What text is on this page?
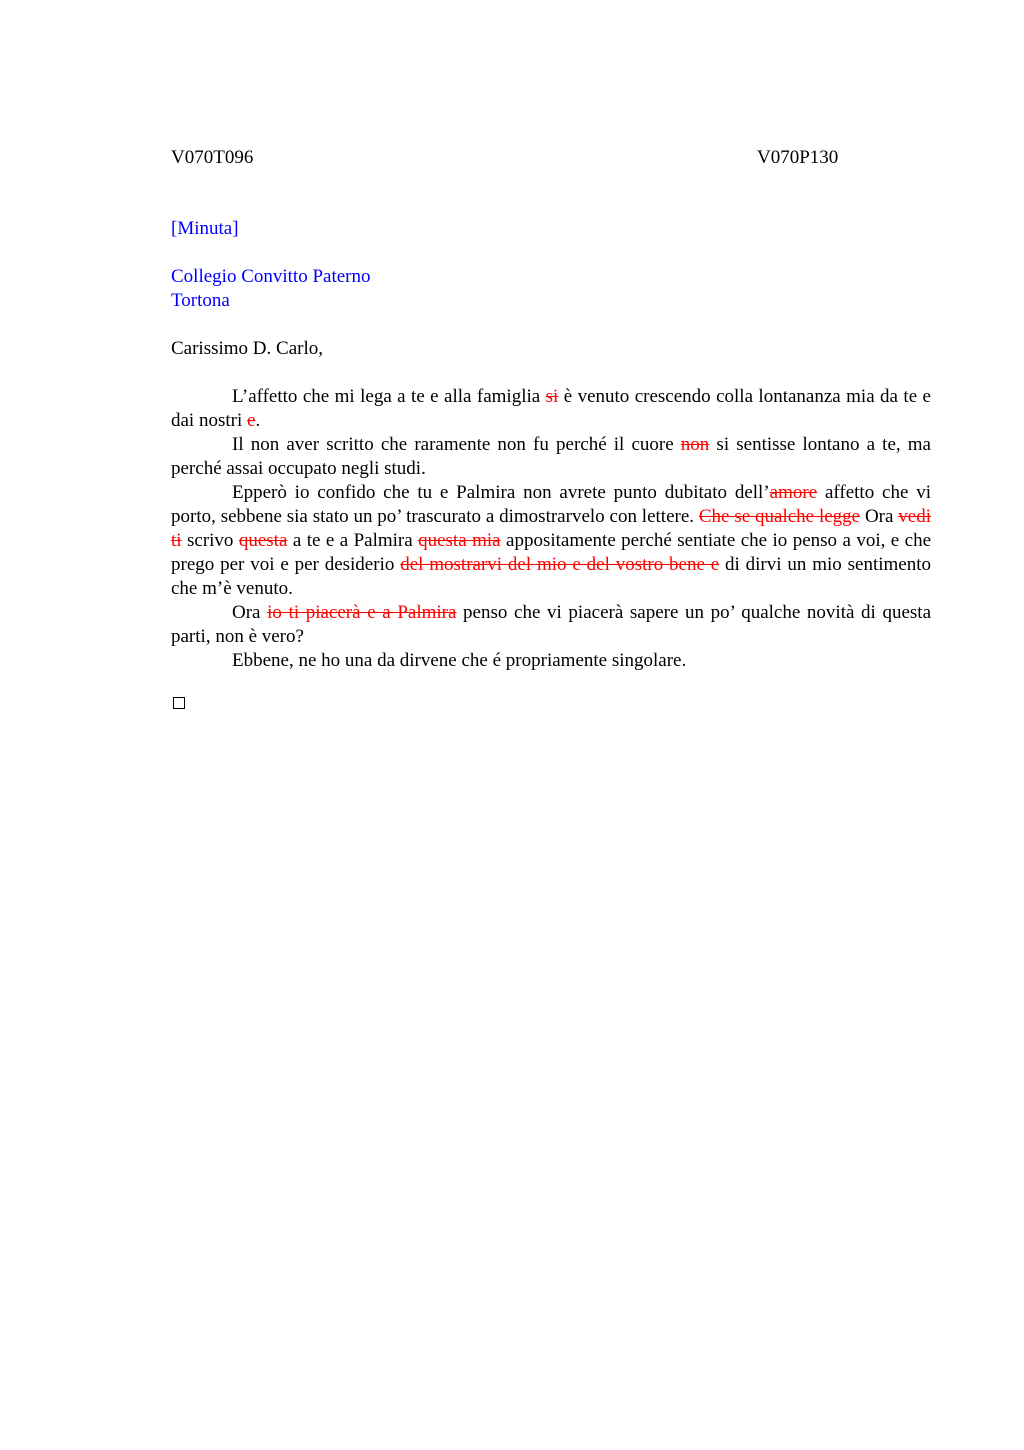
V070T096	V070P130

[Minuta]

Collegio Convitto Paterno

Tortona

Carissimo D. Carlo,

L’affetto che mi lega a te e alla famiglia si è venuto crescendo colla lontananza mia da te e dai nostri e.

Il non aver scritto che raramente non fu perché il cuore non si sentisse lontano a te, ma perché assai occupato negli studi.

Epperò io confido che tu e Palmira non avrete punto dubitato dell’amore affetto che vi porto, sebbene sia stato un po’ trascurato a dimostrarvelo con lettere. Che se qualche legge Ora vedi ti scrivo questa a te e a Palmira questa mia appositamente perché sentiate che io penso a voi, e che prego per voi e per desiderio del mostrarvi del mio e del vostro bene e di dirvi un mio sentimento che m’è venuto.

Ora io ti piacerà e a Palmira penso che vi piacerà sapere un po’ qualche novità di questa parti, non è vero?

Ebbene, ne ho una da dirvene che é propriamente singolare.
